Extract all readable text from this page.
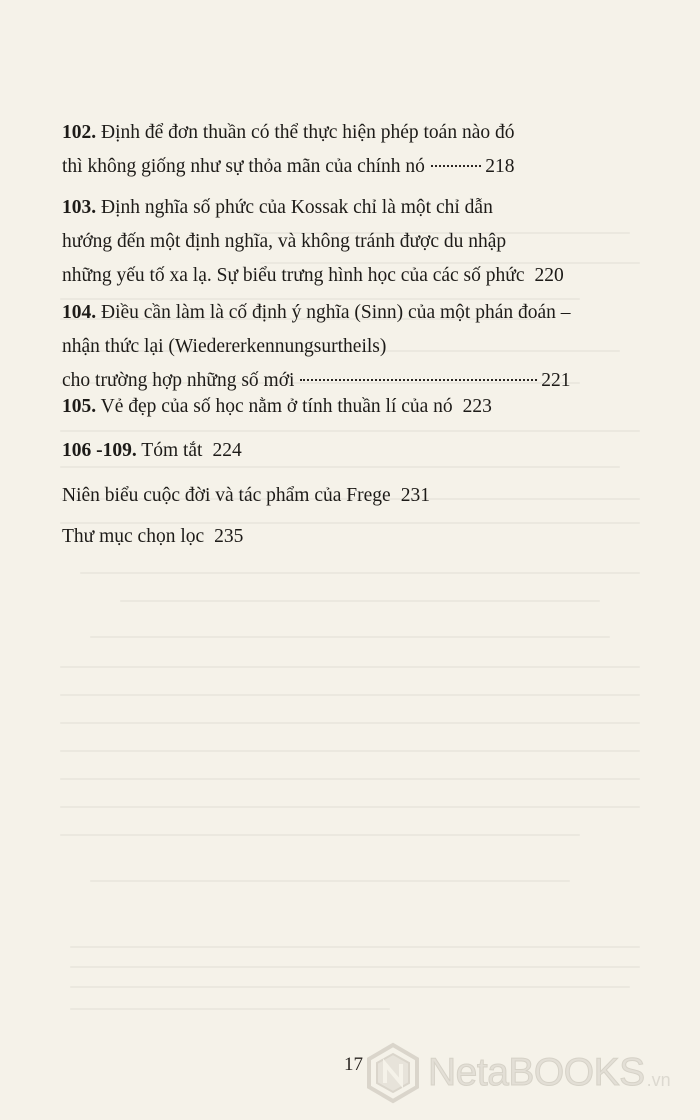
102. Định để đơn thuần có thể thực hiện phép toán nào đó
thì không giống như sự thỏa mãn của chính nó	218
103. Định nghĩa số phức của Kossak chỉ là một chỉ dẫn
hướng đến một định nghĩa, và không tránh được du nhập
những yếu tố xa lạ. Sự biểu trưng hình học của các số phức 220
104. Điều cần làm là cố định ý nghĩa (Sinn) của một phán đoán –
nhận thức lại (Wiedererkennungsurtheils)
cho trường hợp những số mới	221
105. Vẻ đẹp của số học nằm ở tính thuần lí của nó 223
106 -109. Tóm tắt 224
Niên biểu cuộc đời và tác phẩm của Frege 231
Thư mục chọn lọc 235
17 NetaBOOKS .vn
